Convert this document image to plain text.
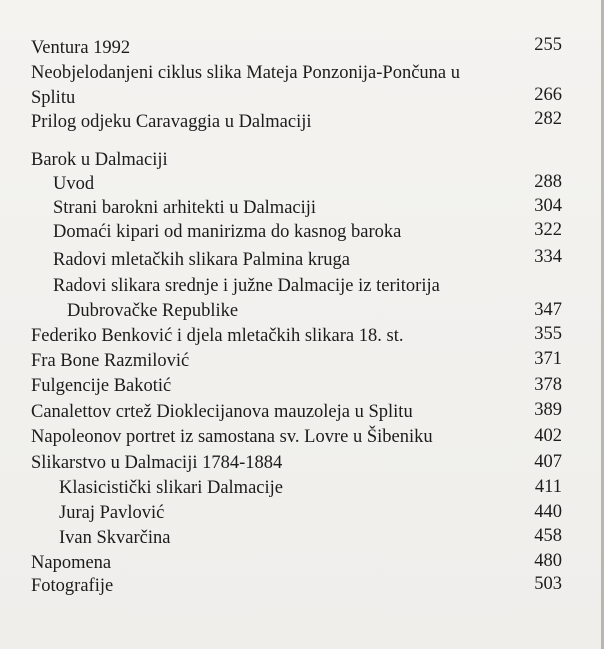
Ventura 1992	255
Neobjelodanjeni ciklus slika Mateja Ponzonija-Pončuna u
Splitu	266
Prilog odjeku Caravaggia u Dalmaciji	282
Barok u Dalmaciji
Uvod	288
Strani barokni arhitekti u Dalmaciji	304
Domaći kipari od manirizma do kasnog baroka	322
Radovi mletačkih slikara Palmina kruga	334
Radovi slikara srednje i južne Dalmacije iz teritorija
Dubrovačke Republike	347
Federiko Benković i djela mletačkih slikara 18. st.	355
Fra Bone Razmilović	371
Fulgencije Bakotić	378
Canalettov crtež Dioklecijanova mauzoleja u Splitu	389
Napoleonov portret iz samostana sv. Lovre u Šibeniku	402
Slikarstvo u Dalmaciji 1784-1884	407
Klasicistički slikari Dalmacije	411
Juraj Pavlović	440
Ivan Skvarčina	458
Napomena	480
Fotografije	503
